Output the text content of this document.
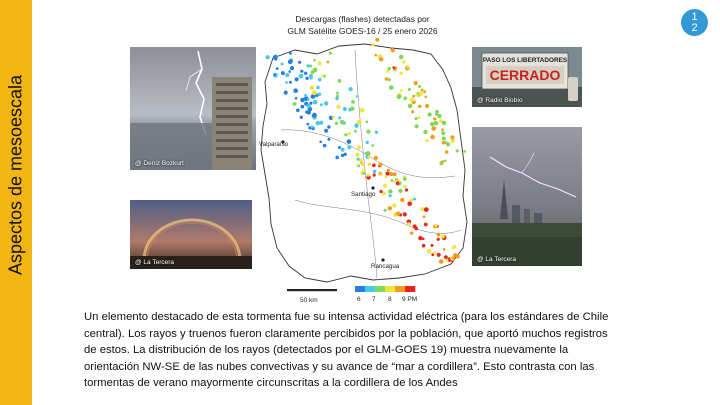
Aspectos de mesoescala
1
2
@ Deniz Bozkurt
@ La Tercera
PASO LOS LIBERTADORES
CERRADO
@ Radio Biobío
@ La Tercera
Descargas (flashes) detectadas por
GLM Satélite GOES-16 / 25 enero 2026
Valparaíso
Santiago
Rancagua
50 km	6 7 8 9 PM
Un elemento destacado de esta tormenta fue su intensa actividad eléctrica (para los estándares de Chile
central). Los rayos y truenos fueron claramente percibidos por la población, que aportó muchos registros
de estos. La distribución de los rayos (detectados por el GLM-GOES 19) muestra nuevamente la
orientación NW-SE de las nubes convectivas y su avance de “mar a cordillera”. Esto contrasta con las
tormentas de verano mayormente circunscritas a la cordillera de los Andes
